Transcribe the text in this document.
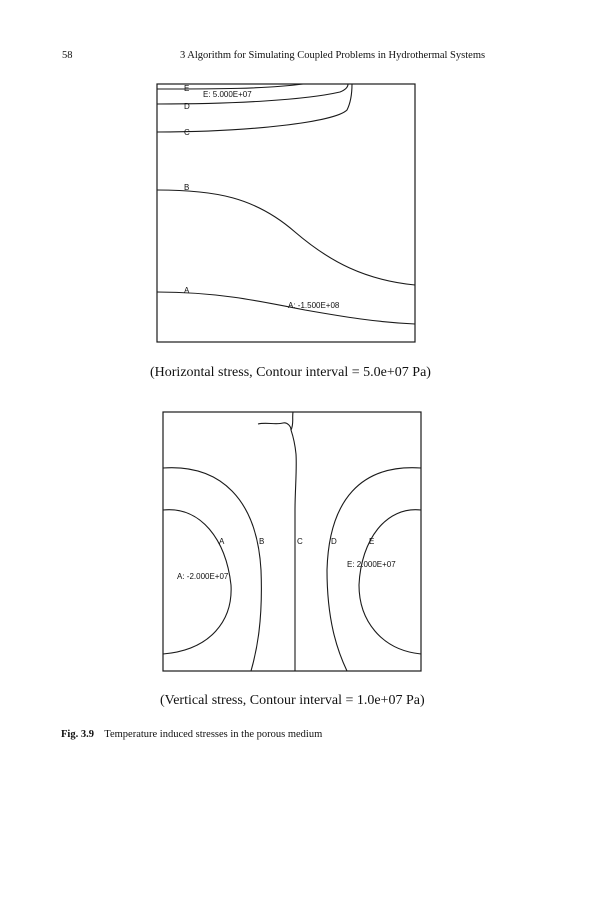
58	3 Algorithm for Simulating Coupled Problems in Hydrothermal Systems
E
D
C
B
A
E: 5.000E+07
A: -1.500E+08
(Horizontal stress, Contour interval = 5.0e+07 Pa)
A	B	C	D	E
A: -2.000E+07
E: 2.000E+07
(Vertical stress, Contour interval = 1.0e+07 Pa)
Fig. 3.9 Temperature induced stresses in the porous medium
